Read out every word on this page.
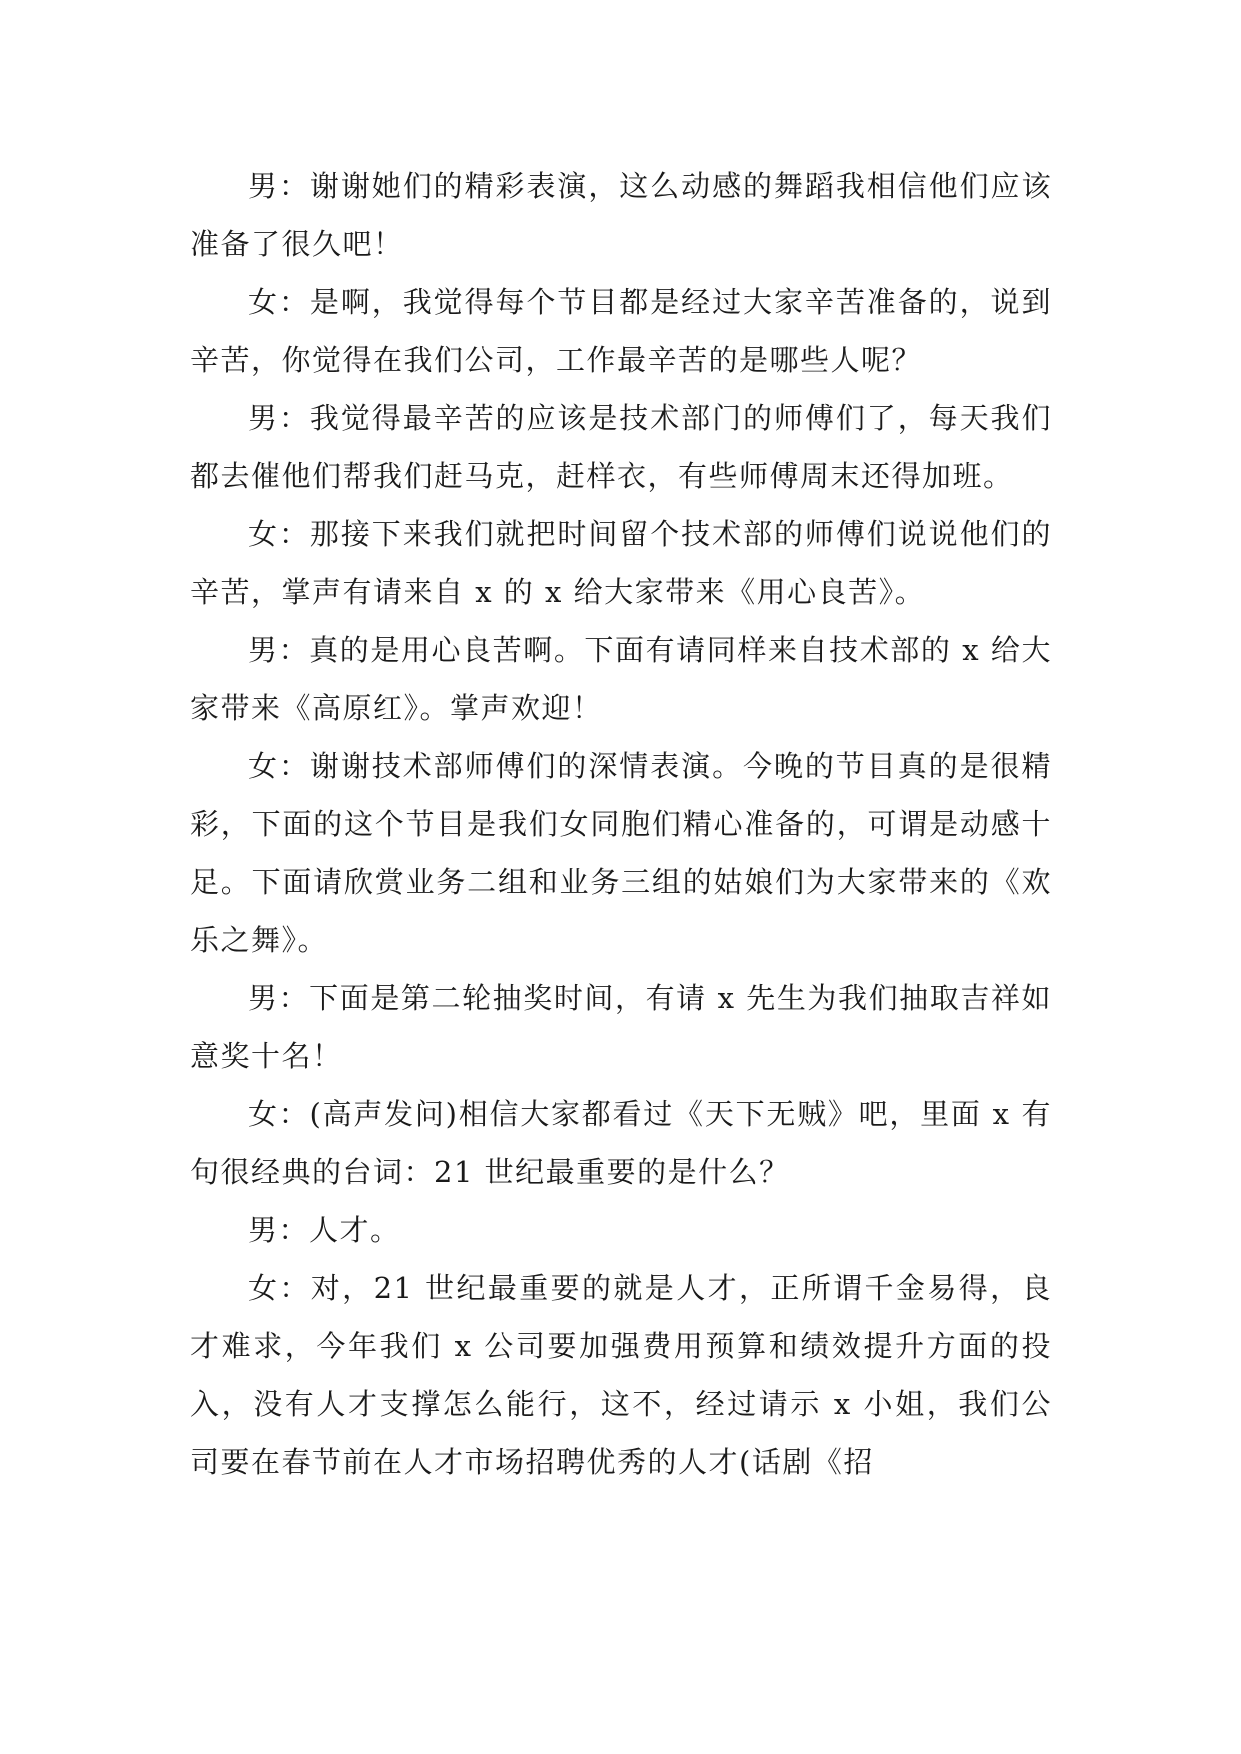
男：谢谢她们的精彩表演，这么动感的舞蹈我相信他们应该准备了很久吧！

女：是啊，我觉得每个节目都是经过大家辛苦准备的，说到辛苦，你觉得在我们公司，工作最辛苦的是哪些人呢？

男：我觉得最辛苦的应该是技术部门的师傅们了，每天我们都去催他们帮我们赶马克，赶样衣，有些师傅周末还得加班。

女：那接下来我们就把时间留个技术部的师傅们说说他们的辛苦，掌声有请来自 x 的 x 给大家带来《用心良苦》。

男：真的是用心良苦啊。下面有请同样来自技术部的 x 给大家带来《高原红》。掌声欢迎！

女：谢谢技术部师傅们的深情表演。今晚的节目真的是很精彩，下面的这个节目是我们女同胞们精心准备的，可谓是动感十足。下面请欣赏业务二组和业务三组的姑娘们为大家带来的《欢乐之舞》。

男：下面是第二轮抽奖时间，有请 x 先生为我们抽取吉祥如意奖十名！

女：(高声发问)相信大家都看过《天下无贼》吧，里面 x 有句很经典的台词：21 世纪最重要的是什么？

男：人才。

女：对，21 世纪最重要的就是人才，正所谓千金易得，良才难求，今年我们 x 公司要加强费用预算和绩效提升方面的投入，没有人才支撑怎么能行，这不，经过请示 x 小姐，我们公司要在春节前在人才市场招聘优秀的人才(话剧《招
